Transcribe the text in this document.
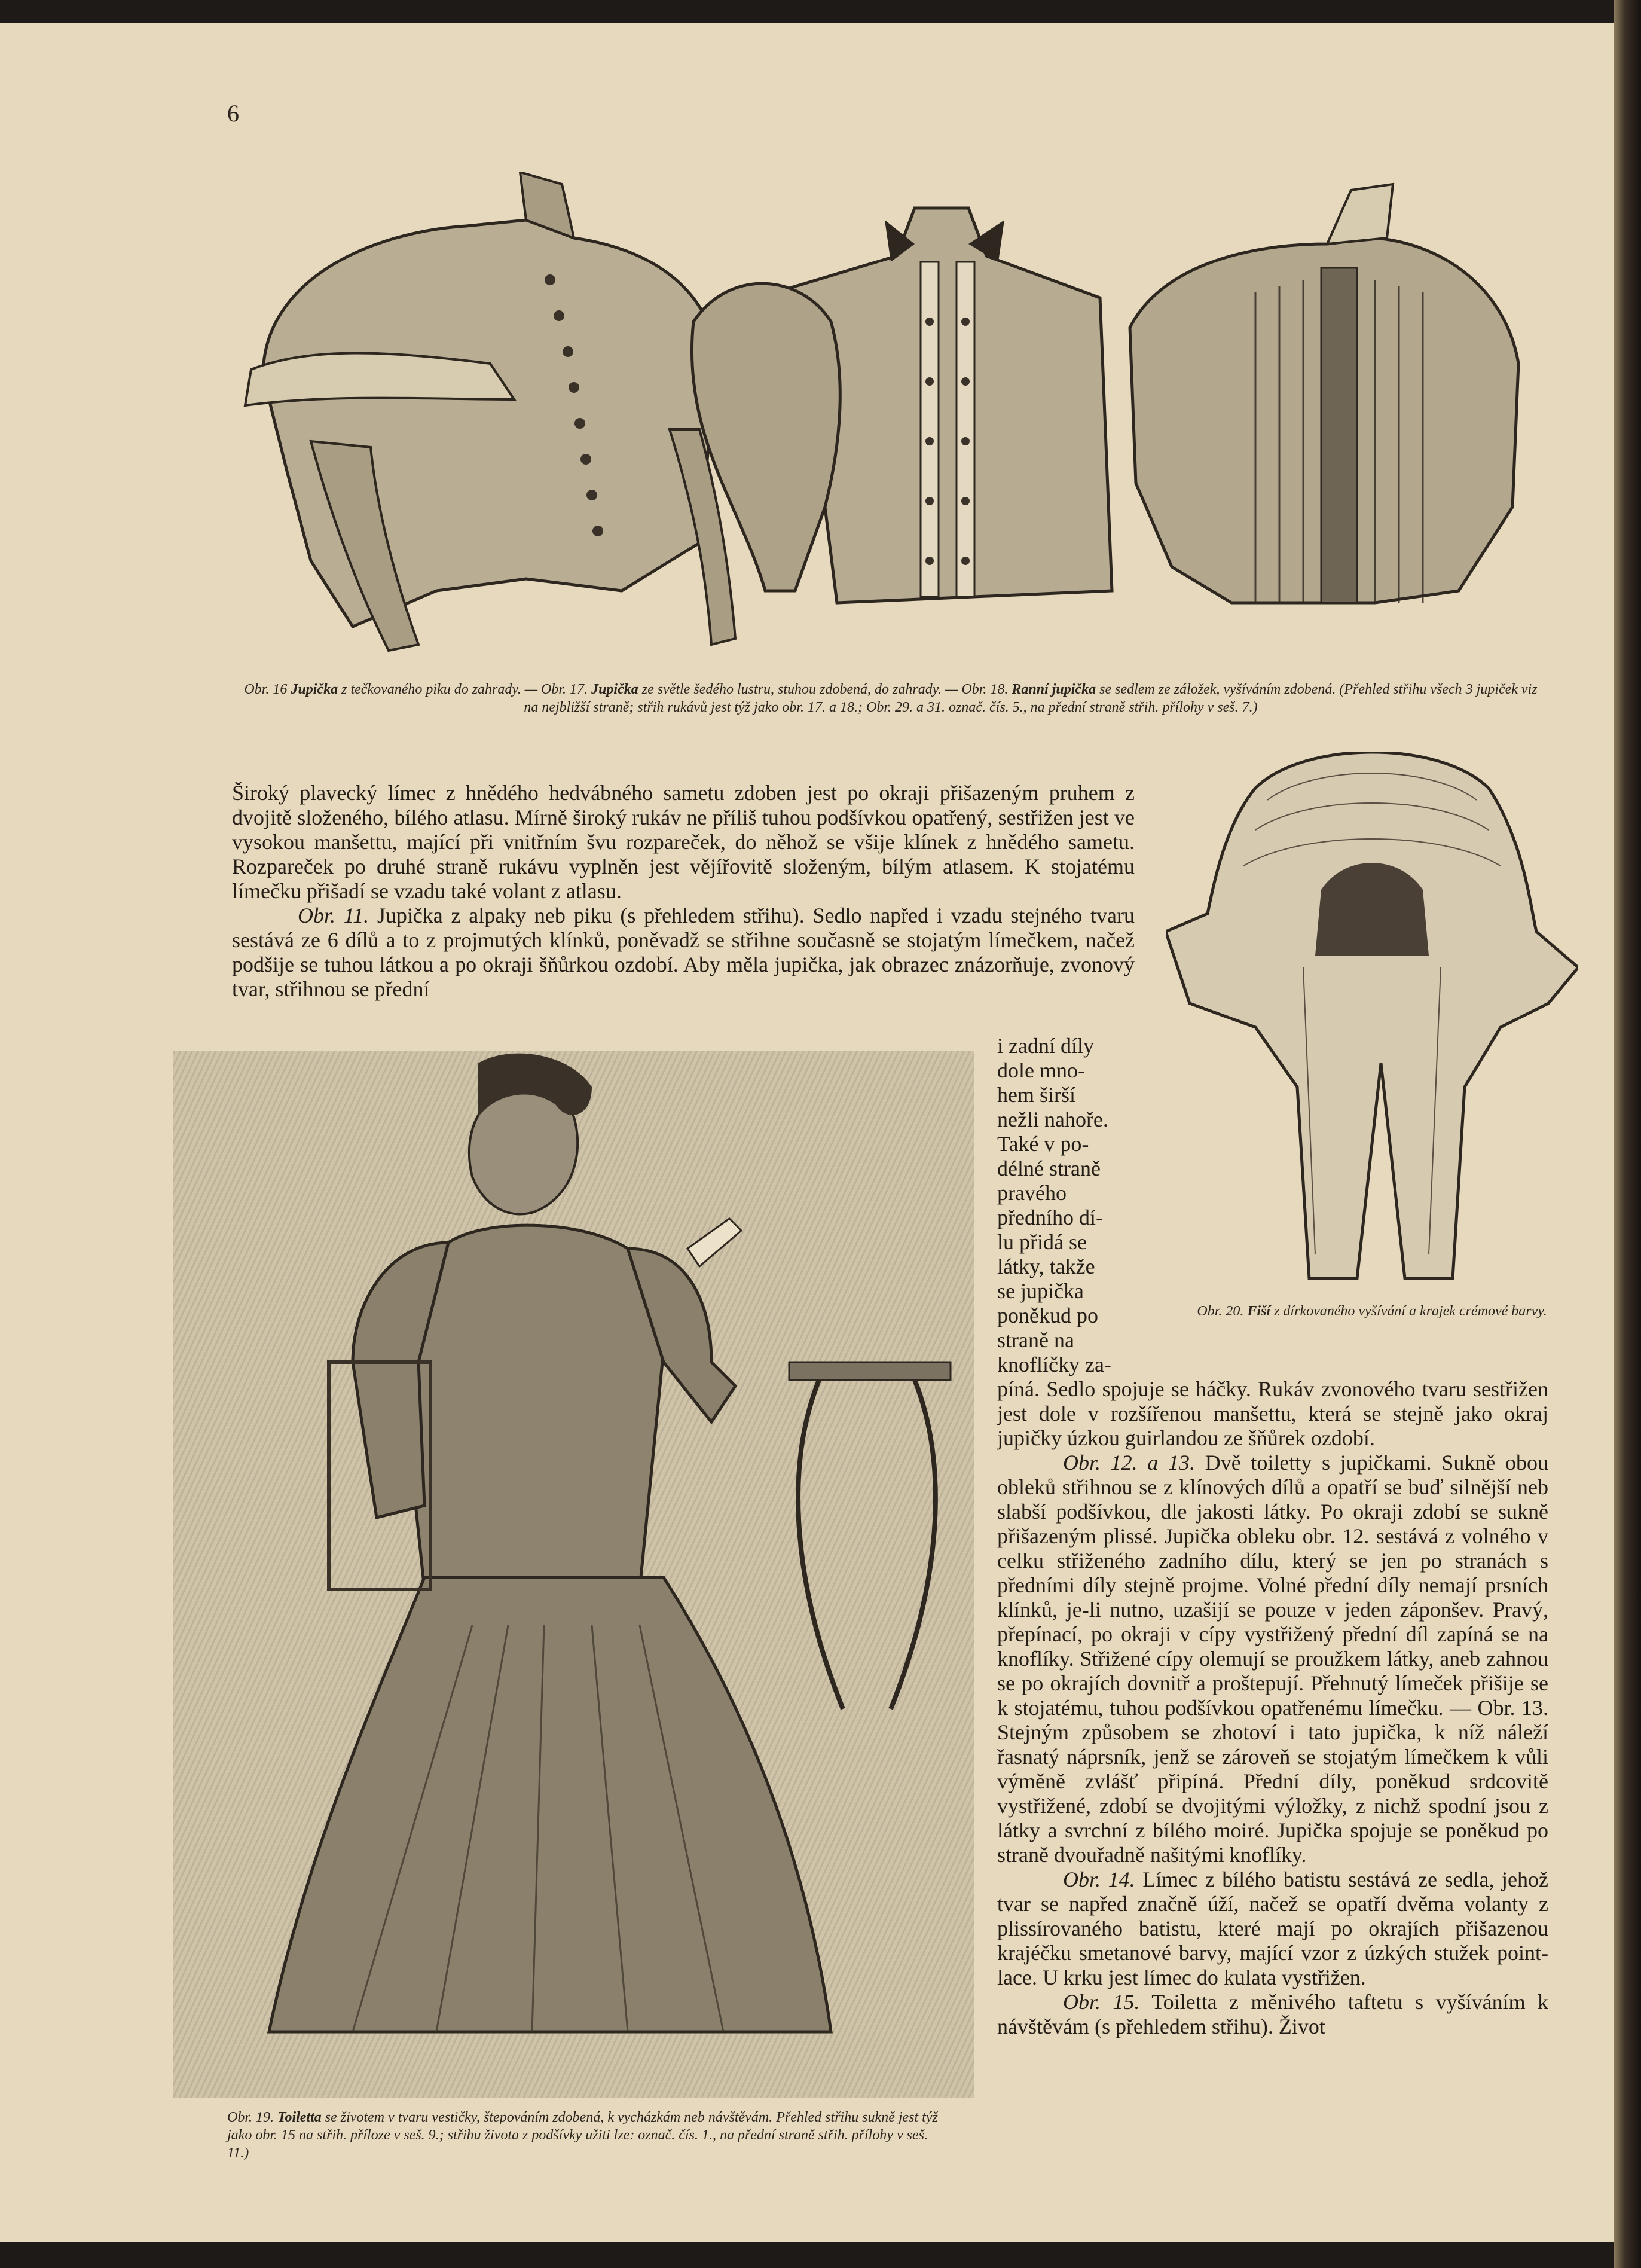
6
Obr. 16 Jupička z tečkovaného piku do zahrady. — Obr. 17. Jupička ze světle šedého lustru, stuhou zdobená, do zahrady. — Obr. 18. Ranní jupička se sedlem ze záložek, vyšíváním zdobená. (Přehled střihu všech 3 jupiček viz na nejbližší straně; střih rukávů jest týž jako obr. 17. a 18.; Obr. 29. a 31. označ. čís. 5., na přední straně střih. přílohy v seš. 7.)
Obr. 20. Fiší z dírkovaného vyšívání a krajek crémové barvy.
Obr. 19. Toiletta se životem v tvaru vestičky, štepováním zdobená, k vycházkám neb návštěvám. Přehled střihu sukně jest týž jako obr. 15 na střih. příloze v seš. 9.; střihu života z podšívky užiti lze: označ. čís. 1., na přední straně střih. přílohy v seš. 11.)

Široký plavecký límec z hnědého hedvábného sametu zdoben jest po okraji přišazeným pruhem z dvojitě složeného, bílého atlasu. Mírně široký rukáv ne příliš tuhou podšívkou opatřený, sestřižen jest ve vysokou manšettu, mající při vnitřním švu rozpareček, do něhož se všije klínek z hnědého sametu. Rozpareček po druhé straně rukávu vyplněn jest vějířovitě složeným, bílým atlasem. K stojatému límečku přišadí se vzadu také volant z atlasu.

Obr. 11. Jupička z alpaky neb piku (s přehledem střihu). Sedlo napřed i vzadu stejného tvaru sestává ze 6 dílů a to z projmutých klínků, poněvadž se střihne současně se stojatým límečkem, načež podšije se tuhou látkou a po okraji šňůrkou ozdobí. Aby měla jupička, jak obrazec znázorňuje, zvonový tvar, střihnou se přední

i zadní díly

dole mno-

hem širší

nežli nahoře.

Také v po-

délné straně

pravého

předního dí-

lu přidá se

látky, takže

se jupička

poněkud po

straně na

knoflíčky za-

píná. Sedlo spojuje se háčky. Rukáv zvonového tvaru sestřižen jest dole v rozšířenou manšettu, která se stejně jako okraj jupičky úzkou guirlandou ze šňůrek ozdobí.

Obr. 12. a 13. Dvě toiletty s jupičkami. Sukně obou obleků střihnou se z klínových dílů a opatří se buď silnější neb slabší podšívkou, dle jakosti látky. Po okraji zdobí se sukně přišazeným plissé. Jupička obleku obr. 12. sestává z volného v celku střiženého zadního dílu, který se jen po stranách s předními díly stejně projme. Volné přední díly nemají prsních klínků, je-li nutno, uzašijí se pouze v jeden záponšev. Pravý, přepínací, po okraji v cípy vystřižený přední díl zapíná se na knoflíky. Střižené cípy olemují se proužkem látky, aneb zahnou se po okrajích dovnitř a proštepují. Přehnutý límeček přišije se k stojatému, tuhou podšívkou opatřenému límečku. — Obr. 13. Stejným způsobem se zhotoví i tato jupička, k níž náleží řasnatý náprsník, jenž se zároveň se stojatým límečkem k vůli výměně zvlášť připíná. Přední díly, poněkud srdcovitě vystřižené, zdobí se dvojitými výložky, z nichž spodní jsou z látky a svrchní z bílého moiré. Jupička spojuje se poněkud po straně dvouřadně našitými knoflíky.

Obr. 14. Límec z bílého batistu sestává ze sedla, jehož tvar se napřed značně úží, načež se opatří dvěma volanty z plissírovaného batistu, které mají po okrajích přišazenou krajéčku smetanové barvy, mající vzor z úzkých stužek point-lace. U krku jest límec do kulata vystřižen.

Obr. 15. Toiletta z měnivého taftetu s vyšíváním k návštěvám (s přehledem střihu). Život
